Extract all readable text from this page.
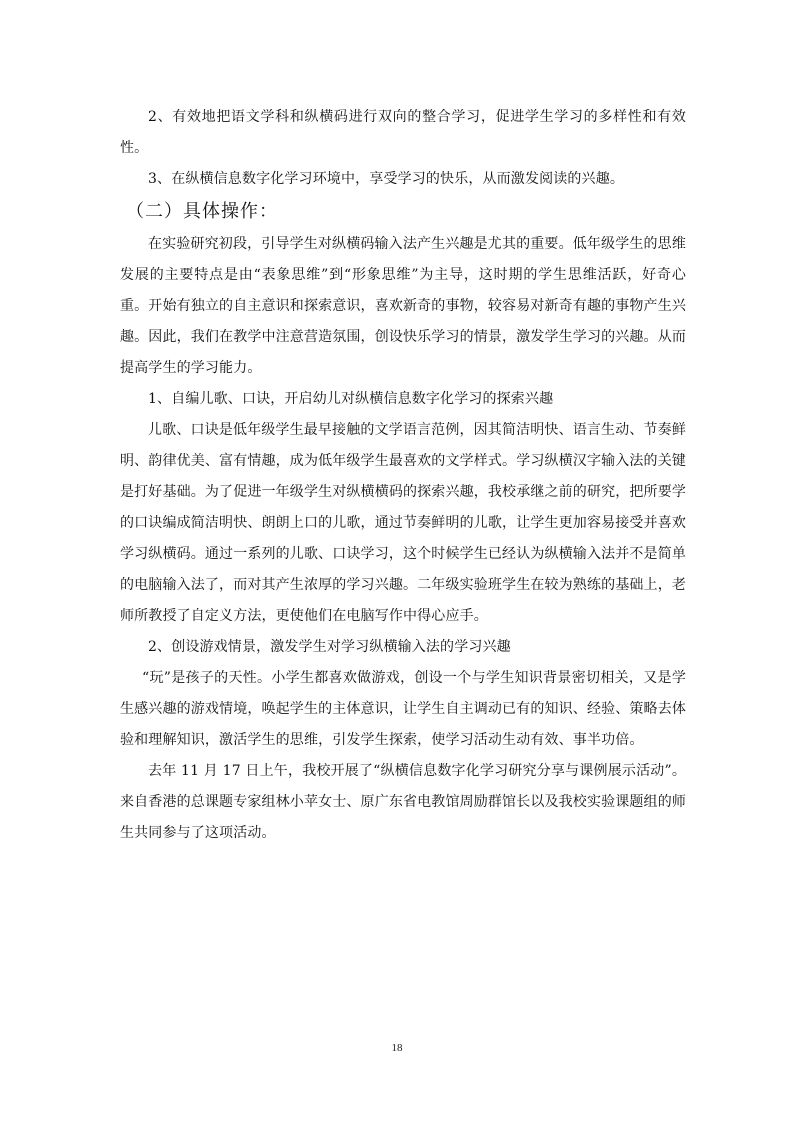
2、有效地把语文学科和纵横码进行双向的整合学习，促进学生学习的多样性和有效性。

3、在纵横信息数字化学习环境中，享受学习的快乐，从而激发阅读的兴趣。

（二）具体操作：

在实验研究初段，引导学生对纵横码输入法产生兴趣是尤其的重要。低年级学生的思维发展的主要特点是由“表象思维”到“形象思维”为主导，这时期的学生思维活跃，好奇心重。开始有独立的自主意识和探索意识，喜欢新奇的事物，较容易对新奇有趣的事物产生兴趣。因此，我们在教学中注意营造氛围，创设快乐学习的情景，激发学生学习的兴趣。从而提高学生的学习能力。

1、自编儿歌、口诀，开启幼儿对纵横信息数字化学习的探索兴趣

儿歌、口诀是低年级学生最早接触的文学语言范例，因其简洁明快、语言生动、节奏鲜明、韵律优美、富有情趣，成为低年级学生最喜欢的文学样式。学习纵横汉字输入法的关键是打好基础。为了促进一年级学生对纵横横码的探索兴趣，我校承继之前的研究，把所要学的口诀编成简洁明快、朗朗上口的儿歌，通过节奏鲜明的儿歌，让学生更加容易接受并喜欢学习纵横码。通过一系列的儿歌、口诀学习，这个时候学生已经认为纵横输入法并不是简单的电脑输入法了，而对其产生浓厚的学习兴趣。二年级实验班学生在较为熟练的基础上，老师所教授了自定义方法，更使他们在电脑写作中得心应手。

2、创设游戏情景，激发学生对学习纵横输入法的学习兴趣

“玩”是孩子的天性。小学生都喜欢做游戏，创设一个与学生知识背景密切相关，又是学生感兴趣的游戏情境，唤起学生的主体意识，让学生自主调动已有的知识、经验、策略去体验和理解知识，激活学生的思维，引发学生探索，使学习活动生动有效、事半功倍。

去年 11 月 17 日上午，我校开展了“纵横信息数字化学习研究分享与课例展示活动”。来自香港的总课题专家组林小苹女士、原广东省电教馆周励群馆长以及我校实验课题组的师生共同参与了这项活动。

18
